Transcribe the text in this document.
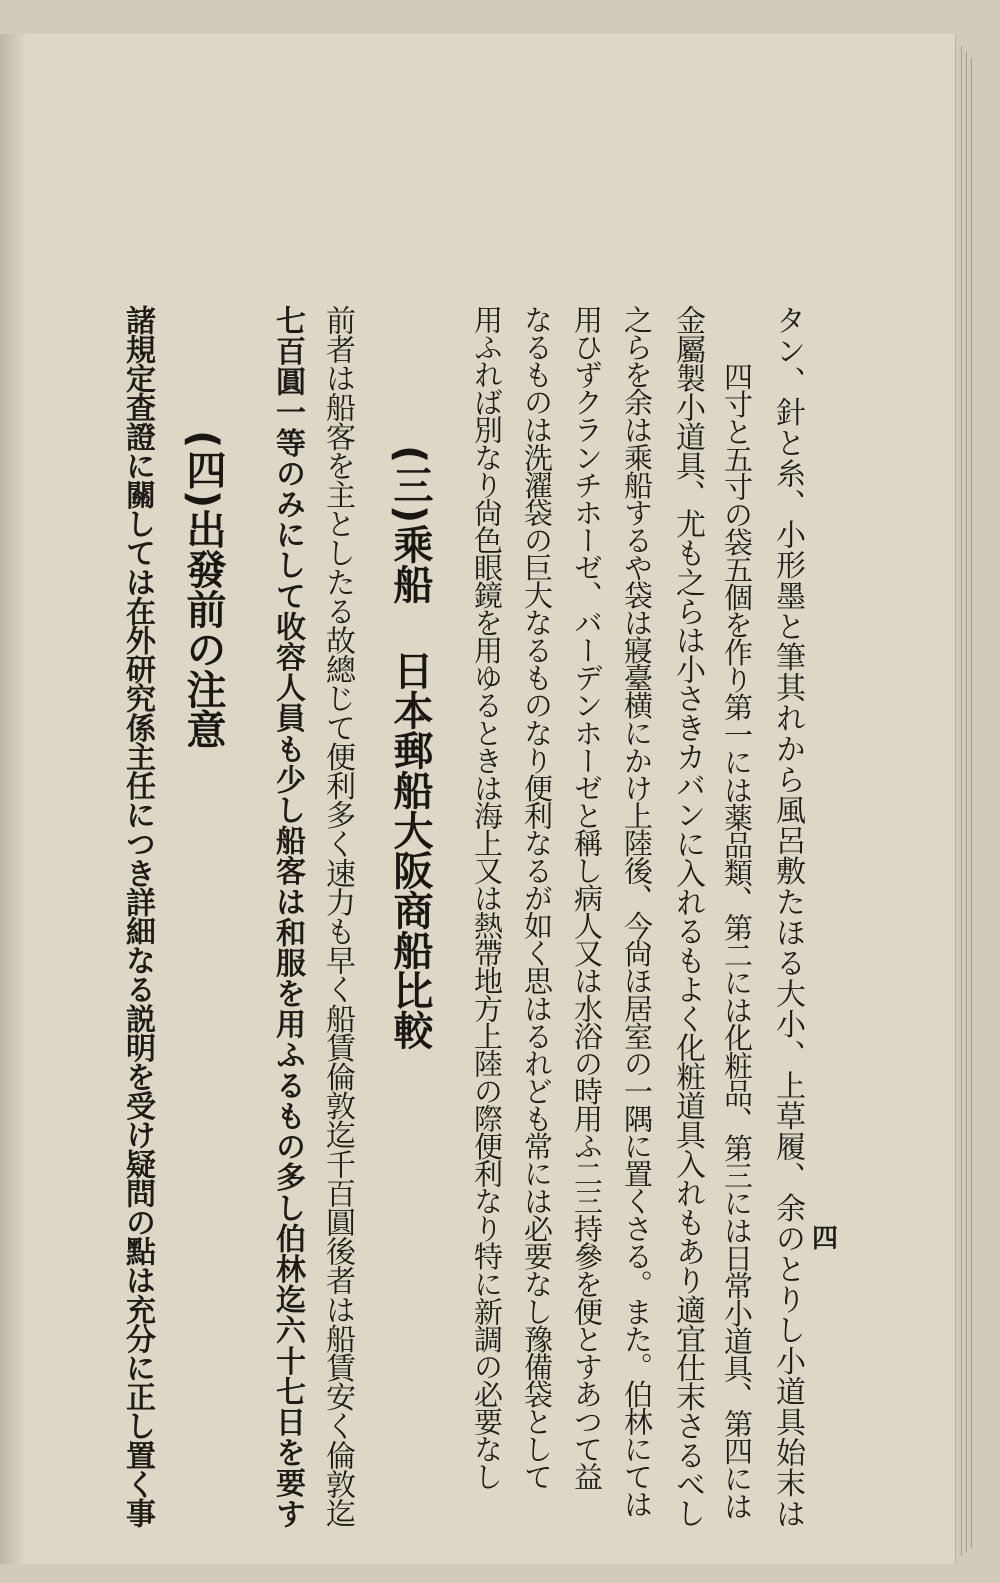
四

タン、針と糸、小形墨と筆其れから風呂敷たほる大小、上草履、余のとりし小道具始末は

四寸と五寸の袋五個を作り第一には薬品類、第二には化粧品、第三には日常小道具、第四には

金屬製小道具、尤も之らは小さきカバンに入れるもよく化粧道具入れもあり適宜仕末さるべし

之らを余は乘船するや袋は寢臺横にかけ上陸後、今尙ほ居室の一隅に置くさる。また。伯林にては

用ひずクランチホーゼ、バーデンホーゼと稱し病人又は水浴の時用ふ二三持參を便とすあつて益

なるものは洗濯袋の巨大なるものなり便利なるが如く思はるれども常には必要なし豫備袋として

用ふれば別なり尙色眼鏡を用ゆるときは海上又は熱帶地方上陸の際便利なり特に新調の必要なし

(三)乘船日本郵船大阪商船比較

前者は船客を主としたる故總じて便利多く速力も早く船賃倫敦迄千百圓後者は船賃安く倫敦迄

七百圓一等のみにして收容人員も少し船客は和服を用ふるもの多し伯林迄六十七日を要す

(四)出發前の注意

諸規定査證に關しては在外研究係主任につき詳細なる説明を受け疑問の點は充分に正し置く事
